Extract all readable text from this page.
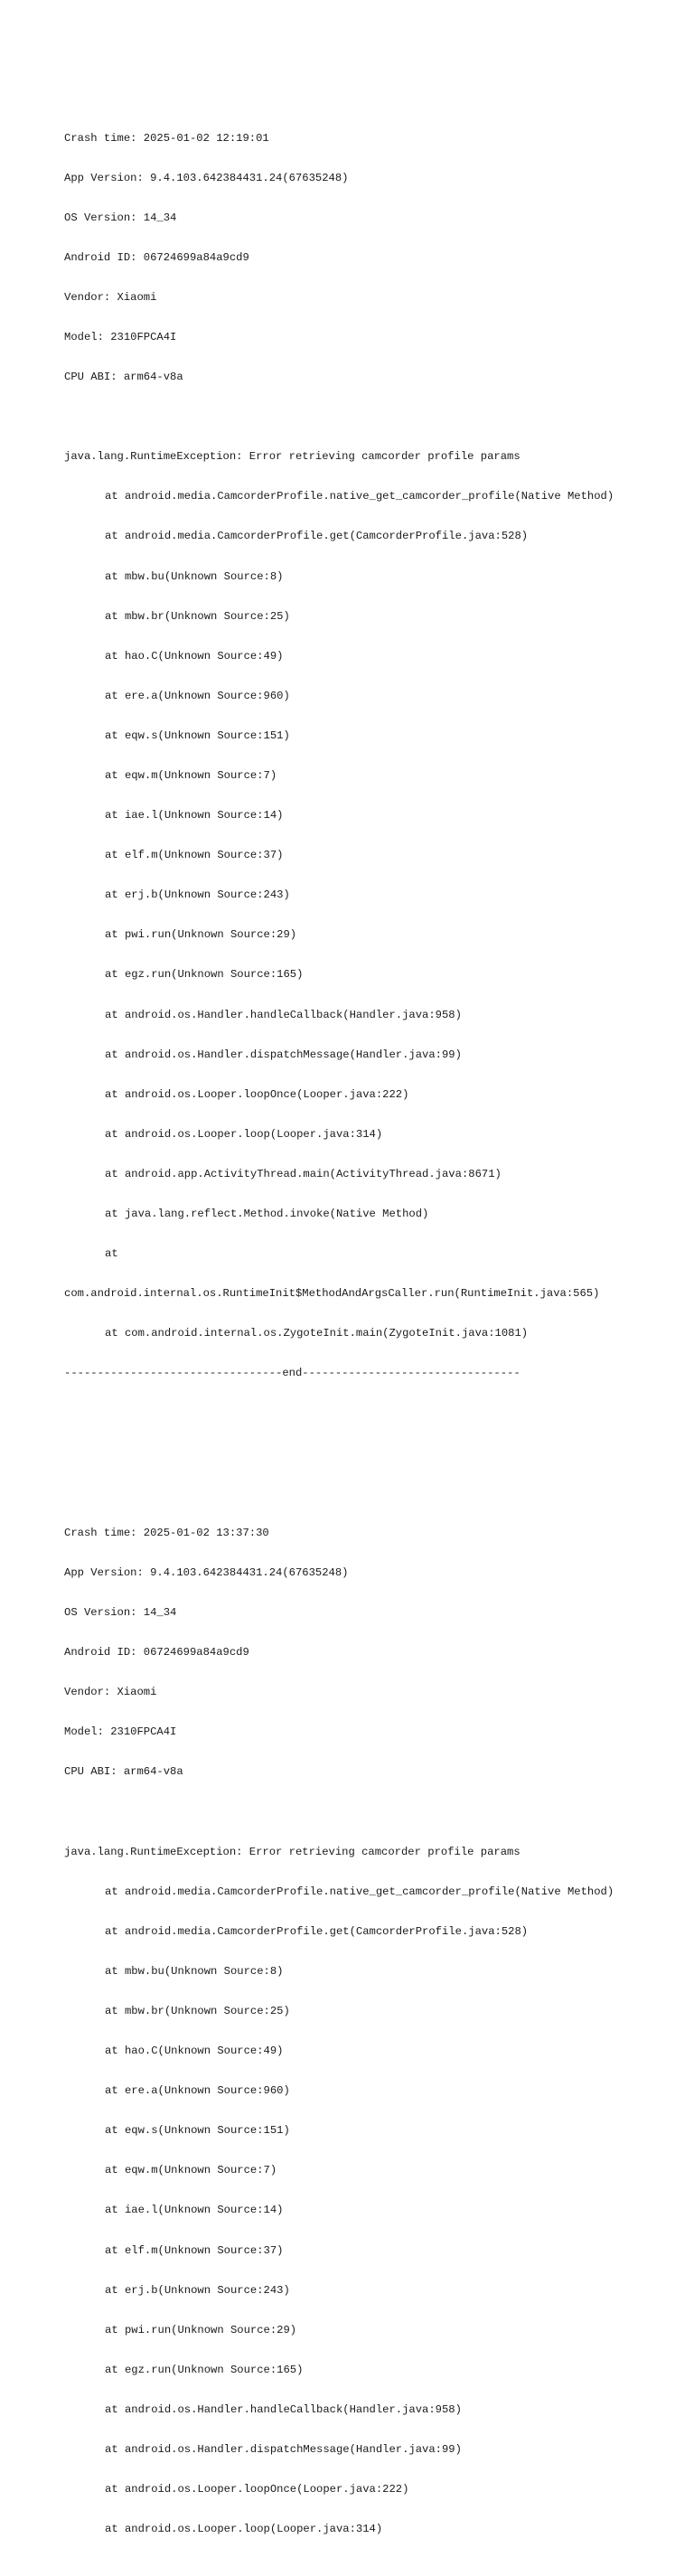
Crash time: 2025-01-02 12:19:01

App Version: 9.4.103.642384431.24(67635248)

OS Version: 14_34

Android ID: 06724699a84a9cd9

Vendor: Xiaomi

Model: 2310FPCA4I

CPU ABI: arm64-v8a

java.lang.RuntimeException: Error retrieving camcorder profile params

at android.media.CamcorderProfile.native_get_camcorder_profile(Native Method)

at android.media.CamcorderProfile.get(CamcorderProfile.java:528)

at mbw.bu(Unknown Source:8)

at mbw.br(Unknown Source:25)

at hao.C(Unknown Source:49)

at ere.a(Unknown Source:960)

at eqw.s(Unknown Source:151)

at eqw.m(Unknown Source:7)

at iae.l(Unknown Source:14)

at elf.m(Unknown Source:37)

at erj.b(Unknown Source:243)

at pwi.run(Unknown Source:29)

at egz.run(Unknown Source:165)

at android.os.Handler.handleCallback(Handler.java:958)

at android.os.Handler.dispatchMessage(Handler.java:99)

at android.os.Looper.loopOnce(Looper.java:222)

at android.os.Looper.loop(Looper.java:314)

at android.app.ActivityThread.main(ActivityThread.java:8671)

at java.lang.reflect.Method.invoke(Native Method)

at

com.android.internal.os.RuntimeInit$MethodAndArgsCaller.run(RuntimeInit.java:565)

at com.android.internal.os.ZygoteInit.main(ZygoteInit.java:1081)

---------------------------------end---------------------------------

Crash time: 2025-01-02 13:37:30

App Version: 9.4.103.642384431.24(67635248)

OS Version: 14_34

Android ID: 06724699a84a9cd9

Vendor: Xiaomi

Model: 2310FPCA4I

CPU ABI: arm64-v8a

java.lang.RuntimeException: Error retrieving camcorder profile params

at android.media.CamcorderProfile.native_get_camcorder_profile(Native Method)

at android.media.CamcorderProfile.get(CamcorderProfile.java:528)

at mbw.bu(Unknown Source:8)

at mbw.br(Unknown Source:25)

at hao.C(Unknown Source:49)

at ere.a(Unknown Source:960)

at eqw.s(Unknown Source:151)

at eqw.m(Unknown Source:7)

at iae.l(Unknown Source:14)

at elf.m(Unknown Source:37)

at erj.b(Unknown Source:243)

at pwi.run(Unknown Source:29)

at egz.run(Unknown Source:165)

at android.os.Handler.handleCallback(Handler.java:958)

at android.os.Handler.dispatchMessage(Handler.java:99)

at android.os.Looper.loopOnce(Looper.java:222)

at android.os.Looper.loop(Looper.java:314)
